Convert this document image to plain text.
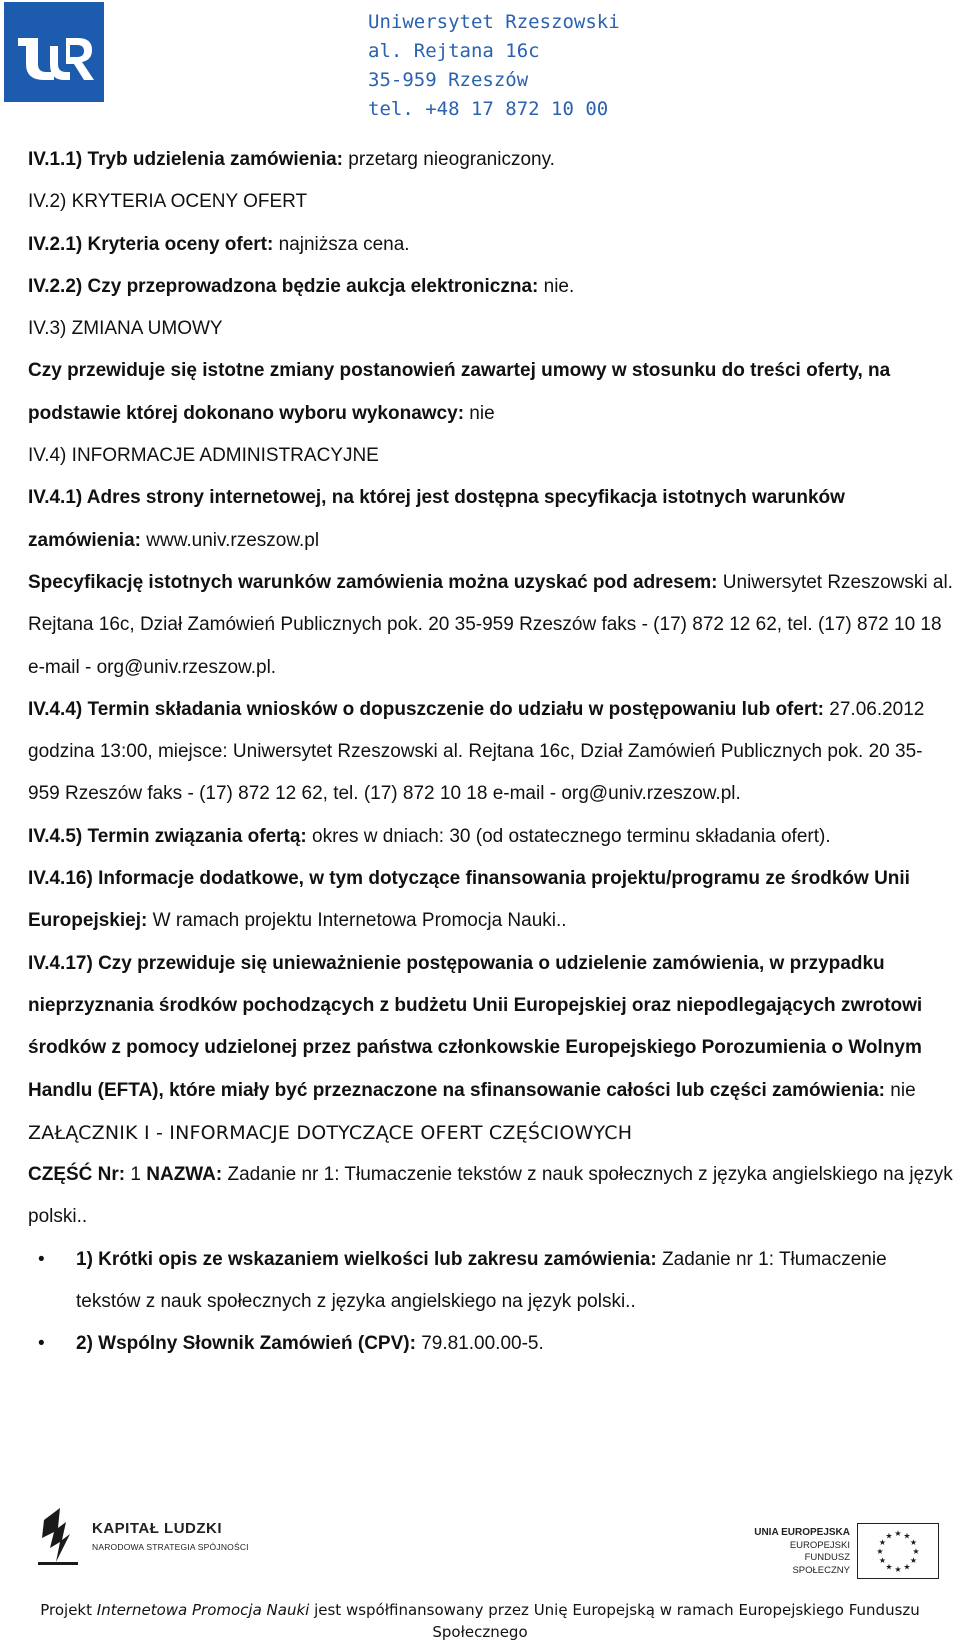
Uniwersytet Rzeszowski
al. Rejtana 16c
35-959 Rzeszów
tel. +48 17 872 10 00

IV.1.1) Tryb udzielenia zamówienia: przetarg nieograniczony.

IV.2) KRYTERIA OCENY OFERT

IV.2.1) Kryteria oceny ofert: najniższa cena.

IV.2.2) Czy przeprowadzona będzie aukcja elektroniczna: nie.

IV.3) ZMIANA UMOWY

Czy przewiduje się istotne zmiany postanowień zawartej umowy w stosunku do treści oferty, na podstawie której dokonano wyboru wykonawcy: nie

IV.4) INFORMACJE ADMINISTRACYJNE

IV.4.1) Adres strony internetowej, na której jest dostępna specyfikacja istotnych warunków zamówienia: www.univ.rzeszow.pl

Specyfikację istotnych warunków zamówienia można uzyskać pod adresem: Uniwersytet Rzeszowski al. Rejtana 16c, Dział Zamówień Publicznych pok. 20 35-959 Rzeszów faks - (17) 872 12 62, tel. (17) 872 10 18 e-mail - org@univ.rzeszow.pl.

IV.4.4) Termin składania wniosków o dopuszczenie do udziału w postępowaniu lub ofert: 27.06.2012 godzina 13:00, miejsce: Uniwersytet Rzeszowski al. Rejtana 16c, Dział Zamówień Publicznych pok. 20 35-959 Rzeszów faks - (17) 872 12 62, tel. (17) 872 10 18 e-mail - org@univ.rzeszow.pl.

IV.4.5) Termin związania ofertą: okres w dniach: 30 (od ostatecznego terminu składania ofert).

IV.4.16) Informacje dodatkowe, w tym dotyczące finansowania projektu/programu ze środków Unii Europejskiej: W ramach projektu Internetowa Promocja Nauki..

IV.4.17) Czy przewiduje się unieważnienie postępowania o udzielenie zamówienia, w przypadku nieprzyznania środków pochodzących z budżetu Unii Europejskiej oraz niepodlegających zwrotowi środków z pomocy udzielonej przez państwa członkowskie Europejskiego Porozumienia o Wolnym Handlu (EFTA), które miały być przeznaczone na sfinansowanie całości lub części zamówienia: nie

ZAŁĄCZNIK I - INFORMACJE DOTYCZĄCE OFERT CZĘŚCIOWYCH

CZĘŚĆ Nr: 1 NAZWA: Zadanie nr 1: Tłumaczenie tekstów z nauk społecznych z języka angielskiego na język polski..

• 1) Krótki opis ze wskazaniem wielkości lub zakresu zamówienia: Zadanie nr 1: Tłumaczenie tekstów z nauk społecznych z języka angielskiego na język polski..

• 2) Wspólny Słownik Zamówień (CPV): 79.81.00.00-5.

KAPITAŁ LUDZKI
NARODOWA STRATEGIA SPÓJNOŚCI
UNIA EUROPEJSKA
EUROPEJSKI
FUNDUSZ SPOŁECZNY
★ ★
★
★
★
★
★
★
★
★
★
★
Projekt Internetowa Promocja Nauki jest współfinansowany przez Unię Europejską w ramach Europejskiego Funduszu Społecznego
